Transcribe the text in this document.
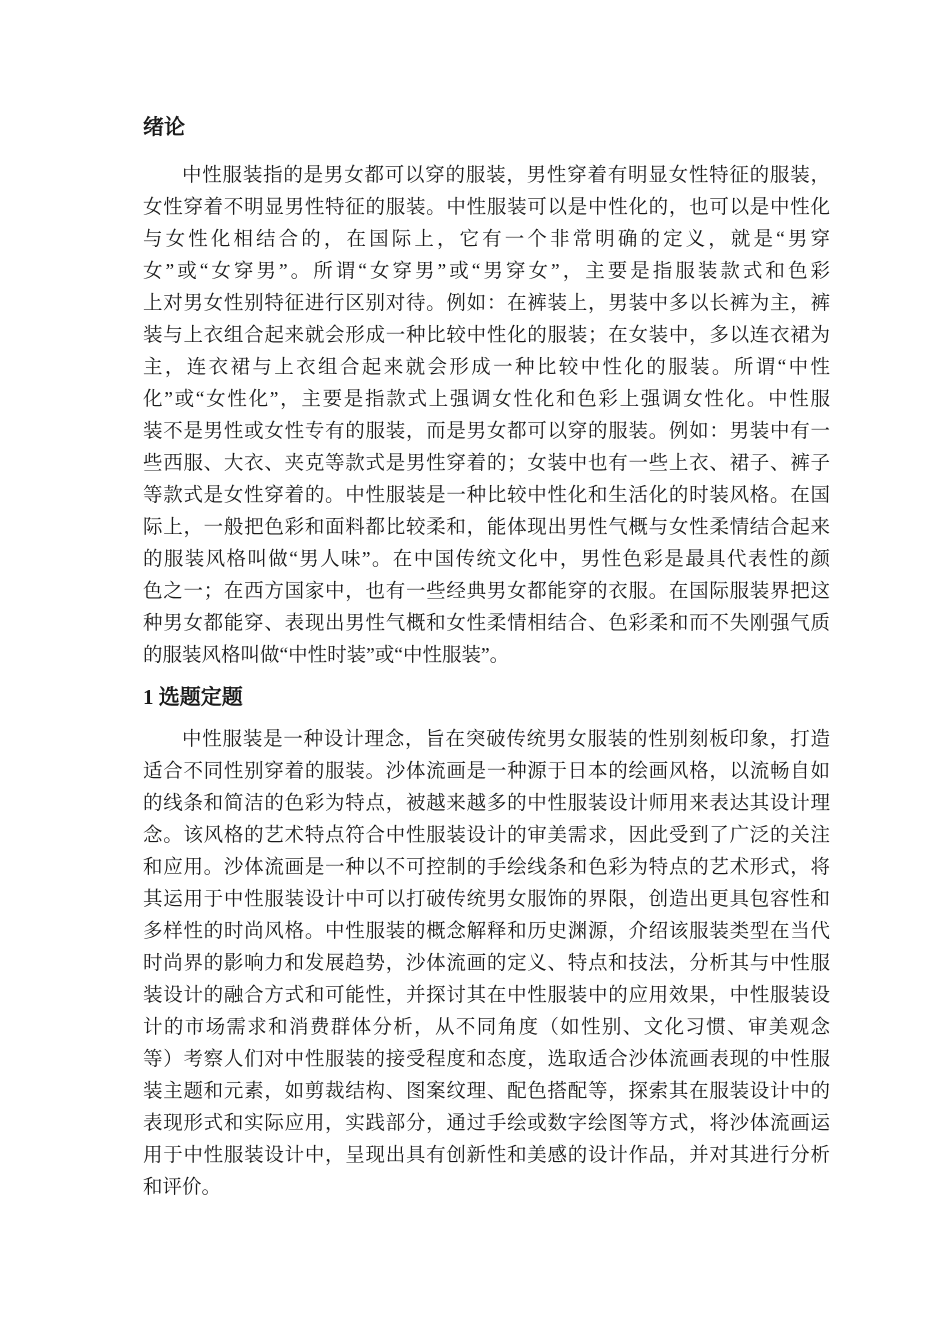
绪论
中性服装指的是男女都可以穿的服装，男性穿着有明显女性特征的服装，
女性穿着不明显男性特征的服装。中性服装可以是中性化的，也可以是中性化
与女性化相结合的，在国际上，它有一个非常明确的定义，就是“男穿
女”或“女穿男”。所谓“女穿男”或“男穿女”，主要是指服装款式和色彩
上对男女性别特征进行区别对待。例如：在裤装上，男装中多以长裤为主，裤
装与上衣组合起来就会形成一种比较中性化的服装；在女装中，多以连衣裙为
主，连衣裙与上衣组合起来就会形成一种比较中性化的服装。所谓“中性
化”或“女性化”，主要是指款式上强调女性化和色彩上强调女性化。中性服
装不是男性或女性专有的服装，而是男女都可以穿的服装。例如：男装中有一
些西服、大衣、夹克等款式是男性穿着的；女装中也有一些上衣、裙子、裤子
等款式是女性穿着的。中性服装是一种比较中性化和生活化的时装风格。在国
际上，一般把色彩和面料都比较柔和，能体现出男性气概与女性柔情结合起来
的服装风格叫做“男人味”。在中国传统文化中，男性色彩是最具代表性的颜
色之一；在西方国家中，也有一些经典男女都能穿的衣服。在国际服装界把这
种男女都能穿、表现出男性气概和女性柔情相结合、色彩柔和而不失刚强气质
的服装风格叫做“中性时装”或“中性服装”。
1 选题定题
中性服装是一种设计理念，旨在突破传统男女服装的性别刻板印象，打造
适合不同性别穿着的服装。沙体流画是一种源于日本的绘画风格，以流畅自如
的线条和简洁的色彩为特点，被越来越多的中性服装设计师用来表达其设计理
念。该风格的艺术特点符合中性服装设计的审美需求，因此受到了广泛的关注
和应用。沙体流画是一种以不可控制的手绘线条和色彩为特点的艺术形式，将
其运用于中性服装设计中可以打破传统男女服饰的界限，创造出更具包容性和
多样性的时尚风格。中性服装的概念解释和历史渊源，介绍该服装类型在当代
时尚界的影响力和发展趋势，沙体流画的定义、特点和技法，分析其与中性服
装设计的融合方式和可能性，并探讨其在中性服装中的应用效果，中性服装设
计的市场需求和消费群体分析，从不同角度（如性别、文化习惯、审美观念
等）考察人们对中性服装的接受程度和态度，选取适合沙体流画表现的中性服
装主题和元素，如剪裁结构、图案纹理、配色搭配等，探索其在服装设计中的
表现形式和实际应用，实践部分，通过手绘或数字绘图等方式，将沙体流画运
用于中性服装设计中，呈现出具有创新性和美感的设计作品，并对其进行分析
和评价。
